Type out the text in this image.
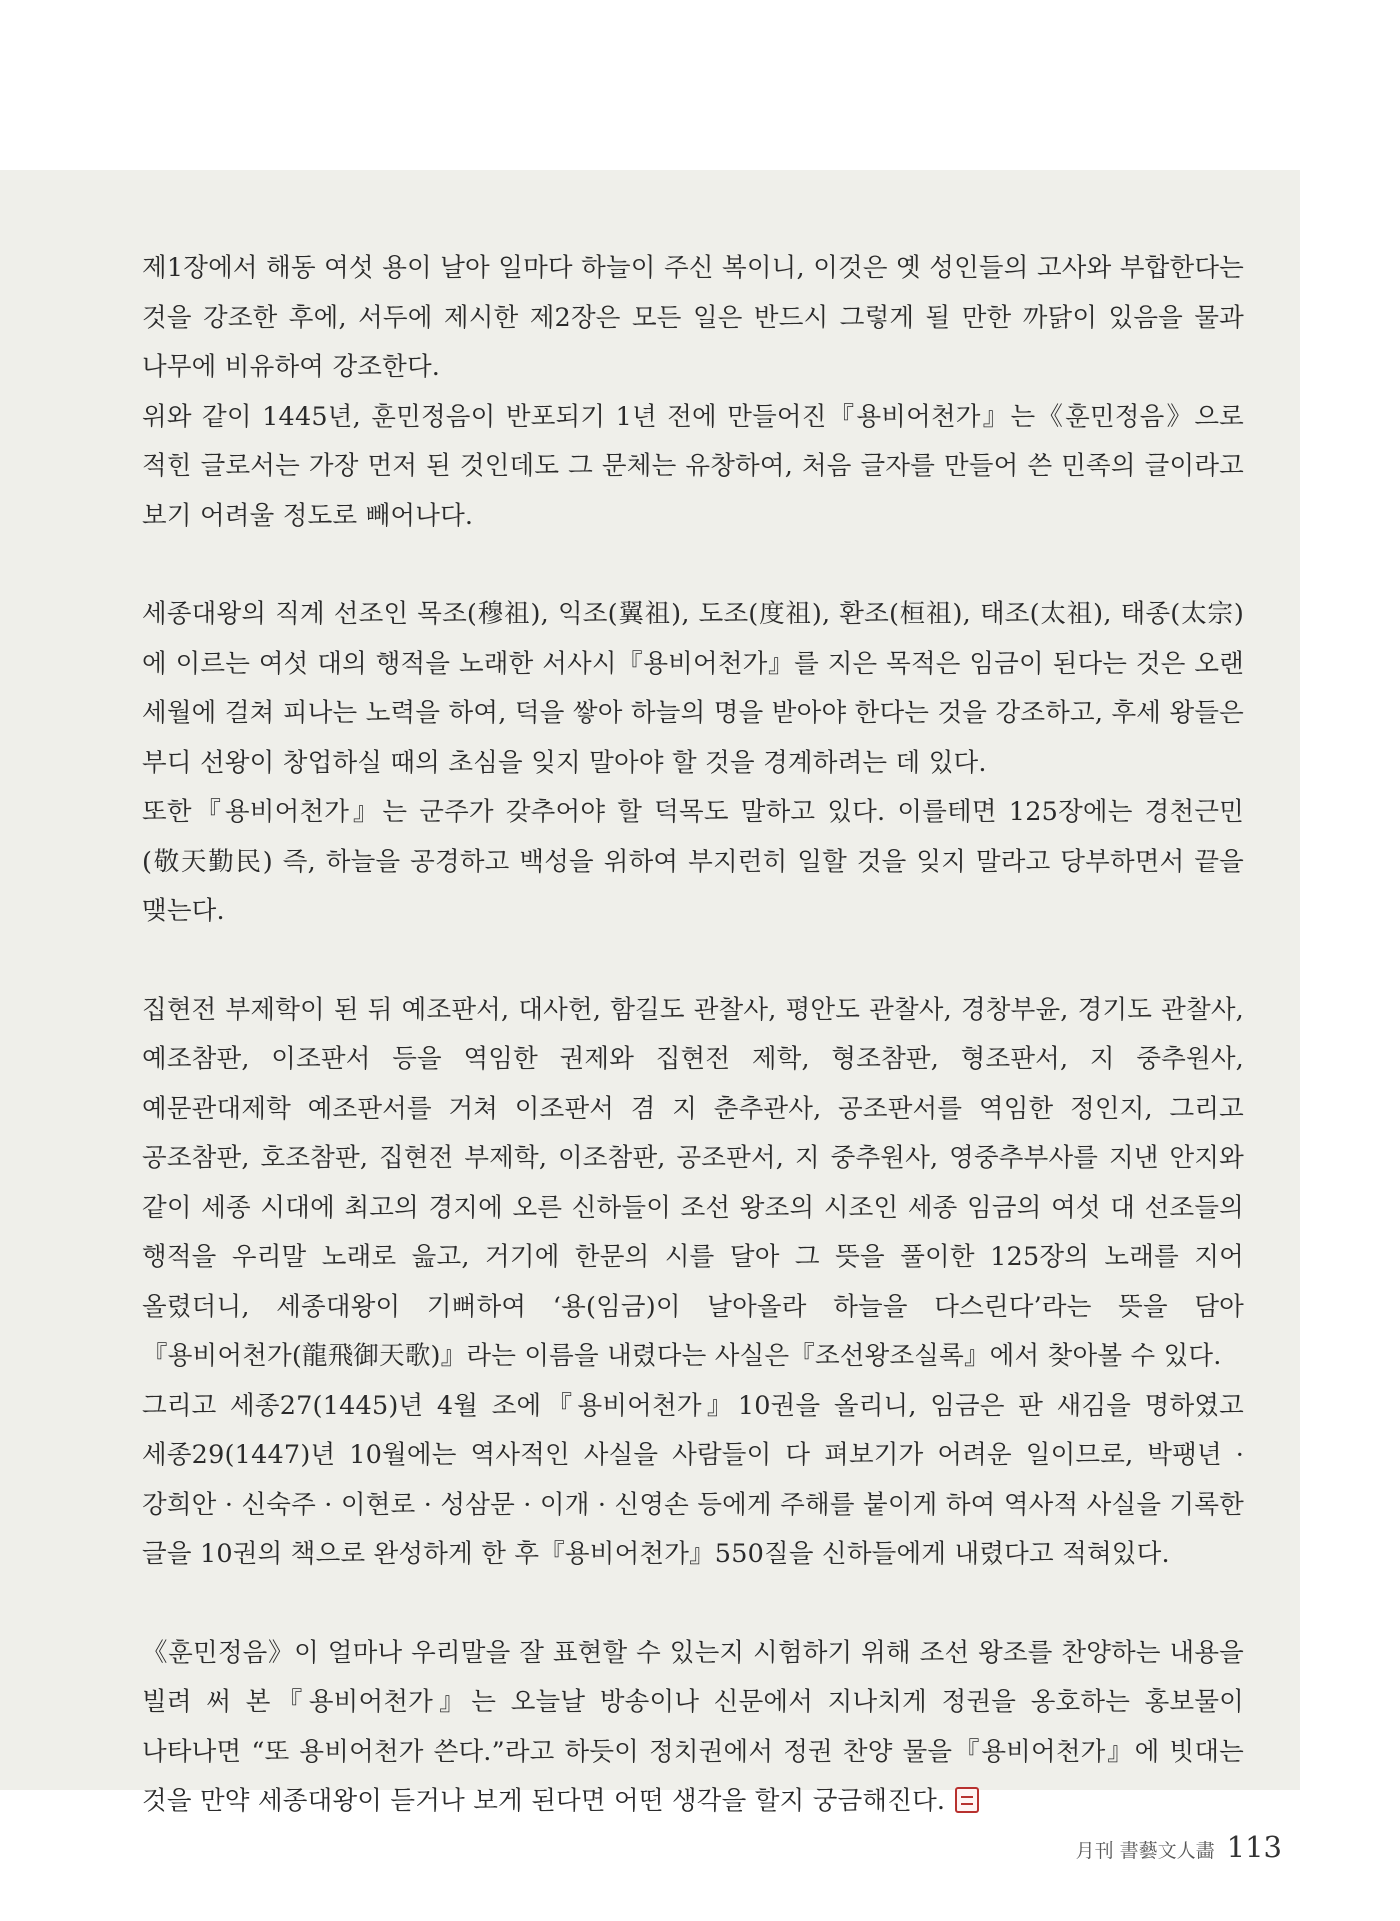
제1장에서 해동 여섯 용이 날아 일마다 하늘이 주신 복이니, 이것은 옛 성인들의 고사와 부합한다는 것을 강조한 후에, 서두에 제시한 제2장은 모든 일은 반드시 그렇게 될 만한 까닭이 있음을 물과 나무에 비유하여 강조한다.

위와 같이 1445년, 훈민정음이 반포되기 1년 전에 만들어진『용비어천가』는《훈민정음》으로 적힌 글로서는 가장 먼저 된 것인데도 그 문체는 유창하여, 처음 글자를 만들어 쓴 민족의 글이라고 보기 어려울 정도로 빼어나다.

세종대왕의 직계 선조인 목조(穆祖), 익조(翼祖), 도조(度祖), 환조(桓祖), 태조(太祖), 태종(太宗)에 이르는 여섯 대의 행적을 노래한 서사시『용비어천가』를 지은 목적은 임금이 된다는 것은 오랜 세월에 걸쳐 피나는 노력을 하여, 덕을 쌓아 하늘의 명을 받아야 한다는 것을 강조하고, 후세 왕들은 부디 선왕이 창업하실 때의 초심을 잊지 말아야 할 것을 경계하려는 데 있다.

또한『용비어천가』는 군주가 갖추어야 할 덕목도 말하고 있다. 이를테면 125장에는 경천근민(敬天勤民) 즉, 하늘을 공경하고 백성을 위하여 부지런히 일할 것을 잊지 말라고 당부하면서 끝을 맺는다.

집현전 부제학이 된 뒤 예조판서, 대사헌, 함길도 관찰사, 평안도 관찰사, 경창부윤, 경기도 관찰사, 예조참판, 이조판서 등을 역임한 권제와 집현전 제학, 형조참판, 형조판서, 지 중추원사, 예문관대제학 예조판서를 거쳐 이조판서 겸 지 춘추관사, 공조판서를 역임한 정인지, 그리고 공조참판, 호조참판, 집현전 부제학, 이조참판, 공조판서, 지 중추원사, 영중추부사를 지낸 안지와 같이 세종 시대에 최고의 경지에 오른 신하들이 조선 왕조의 시조인 세종 임금의 여섯 대 선조들의 행적을 우리말 노래로 읊고, 거기에 한문의 시를 달아 그 뜻을 풀이한 125장의 노래를 지어 올렸더니, 세종대왕이 기뻐하여 ‘용(임금)이 날아올라 하늘을 다스린다’라는 뜻을 담아『용비어천가(龍飛御天歌)』라는 이름을 내렸다는 사실은『조선왕조실록』에서 찾아볼 수 있다.

그리고 세종27(1445)년 4월 조에『용비어천가』10권을 올리니, 임금은 판 새김을 명하였고 세종29(1447)년 10월에는 역사적인 사실을 사람들이 다 펴보기가 어려운 일이므로, 박팽년 · 강희안 · 신숙주 · 이현로 · 성삼문 · 이개 · 신영손 등에게 주해를 붙이게 하여 역사적 사실을 기록한 글을 10권의 책으로 완성하게 한 후『용비어천가』550질을 신하들에게 내렸다고 적혀있다.

《훈민정음》이 얼마나 우리말을 잘 표현할 수 있는지 시험하기 위해 조선 왕조를 찬양하는 내용을 빌려 써 본『용비어천가』는 오늘날 방송이나 신문에서 지나치게 정권을 옹호하는 홍보물이 나타나면 “또 용비어천가 쓴다.”라고 하듯이 정치권에서 정권 찬양 물을『용비어천가』에 빗대는 것을 만약 세종대왕이 듣거나 보게 된다면 어떤 생각을 할지 궁금해진다.

月刊 書藝文人畵 113
